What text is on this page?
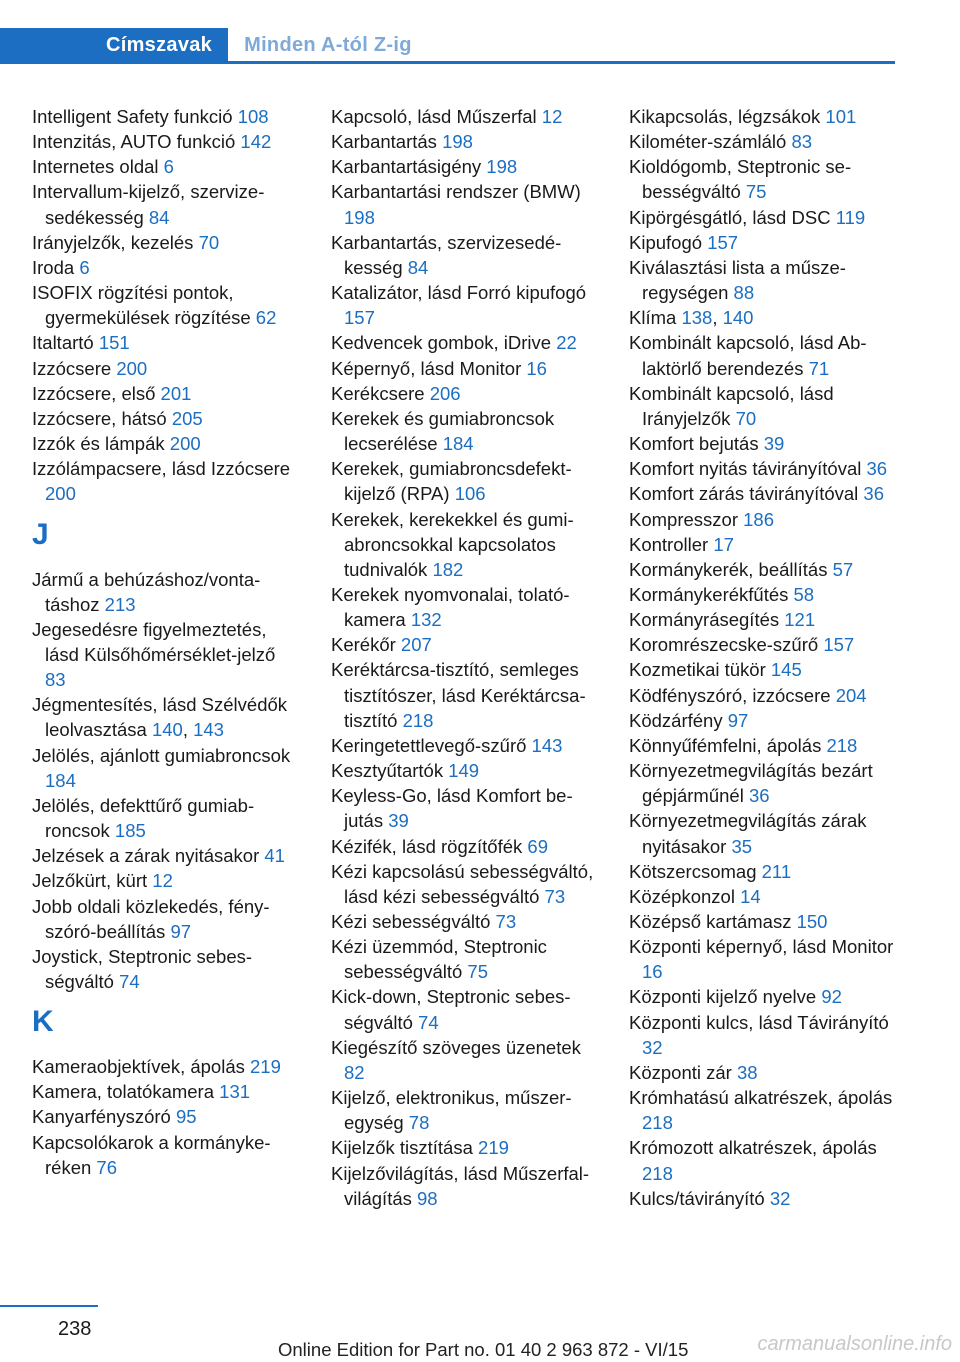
Címszavak	Minden A-tól Z-ig
Intelligent Safety funkció 108
Intenzitás, AUTO funkció 142
Internetes oldal 6
Intervallum-kijelző, szervizesedékesség 84
Irányjelzők, kezelés 70
Iroda 6
ISOFIX rögzítési pontok, gyermekülések rögzítése 62
Italtartó 151
Izzócsere 200
Izzócsere, első 201
Izzócsere, hátsó 205
Izzók és lámpák 200
Izzólámpacsere, lásd Izzócsere 200
J
Jármű a behúzáshoz/vontatáshoz 213
Jegesedésre figyelmeztetés, lásd Külsőhőmérséklet-jelző 83
Jégmentesítés, lásd Szélvédők leolvasztása 140, 143
Jelölés, ajánlott gumiabroncsok 184
Jelölés, defekttűrő gumiabroncsok 185
Jelzések a zárak nyitásakor 41
Jelzőkürt, kürt 12
Jobb oldali közlekedés, fényszóró-beállítás 97
Joystick, Steptronic sebességváltó 74
K
Kameraobjektívek, ápolás 219
Kamera, tolatókamera 131
Kanyarfényszóró 95
Kapcsolókarok a kormánykeréken 76
Kapcsoló, lásd Műszerfal 12
Karbantartás 198
Karbantartásigény 198
Karbantartási rendszer (BMW) 198
Karbantartás, szervizesedékesség 84
Katalizátor, lásd Forró kipufogó 157
Kedvencek gombok, iDrive 22
Képernyő, lásd Monitor 16
Kerékcsere 206
Kerekek és gumiabroncsok lecserélése 184
Kerekek, gumiabroncsdefekt-kijelző (RPA) 106
Kerekek, kerekekkel és gumiabroncsokkal kapcsolatos tudnivalók 182
Kerekek nyomvonalai, tolatókamera 132
Kerékőr 207
Keréktárcsa-tisztító, semleges tisztítószer, lásd Keréktárcsa-tisztító 218
Keringetettlevegő-szűrő 143
Kesztyűtartók 149
Keyless-Go, lásd Komfort bejutás 39
Kézifék, lásd rögzítőfék 69
Kézi kapcsolású sebességváltó, lásd kézi sebességváltó 73
Kézi sebességváltó 73
Kézi üzemmód, Steptronic sebességváltó 75
Kick-down, Steptronic sebességváltó 74
Kiegészítő szöveges üzenetek 82
Kijelző, elektronikus, műszeregység 78
Kijelzők tisztítása 219
Kijelzővilágítás, lásd Műszerfal-világítás 98
Kikapcsolás, légzsákok 101
Kilométer-számláló 83
Kioldógomb, Steptronic sebességváltó 75
Kipörgésgátló, lásd DSC 119
Kipufogó 157
Kiválasztási lista a műszeregységen 88
Klíma 138, 140
Kombinált kapcsoló, lásd Ablaktörlő berendezés 71
Kombinált kapcsoló, lásd Irányjelzők 70
Komfort bejutás 39
Komfort nyitás távirányítóval 36
Komfort zárás távirányítóval 36
Kompresszor 186
Kontroller 17
Kormánykerék, beállítás 57
Kormánykerékfűtés 58
Kormányrásegítés 121
Koromrészecske-szűrő 157
Kozmetikai tükör 145
Ködfényszóró, izzócsere 204
Ködzárfény 97
Könnyűfémfelni, ápolás 218
Környezetmegvilágítás bezárt gépjárműnél 36
Környezetmegvilágítás zárak nyitásakor 35
Kötszercsomag 211
Középkonzol 14
Középső kartámasz 150
Központi képernyő, lásd Monitor 16
Központi kijelző nyelve 92
Központi kulcs, lásd Távirányító 32
Központi zár 38
Krómhatású alkatrészek, ápolás 218
Krómozott alkatrészek, ápolás 218
Kulcs/távirányító 32
238
Online Edition for Part no. 01 40 2 963 872 - VI/15	carmanualsonline.info
